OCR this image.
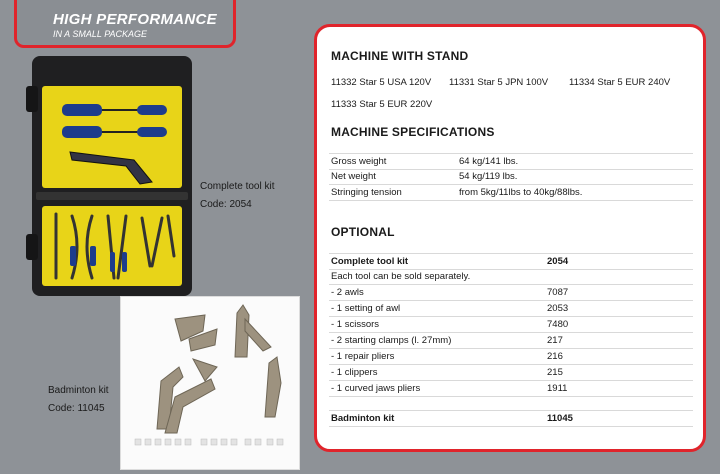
HIGH PERFORMANCE
IN A SMALL PACKAGE
Complete tool kit
Code: 2054
Badminton kit
Code: 11045
MACHINE WITH STAND
11332 Star 5 USA 120V 11331 Star 5 JPN 100V 11334 Star 5 EUR 240V
11333 Star 5 EUR 220V
MACHINE SPECIFICATIONS
Gross weight	64 kg/141 lbs.
Net weight	54 kg/119 lbs.
Stringing tension	from 5kg/11lbs to 40kg/88lbs.
OPTIONAL
Complete tool kit	2054
Each tool can be sold separately.
- 2 awls	7087
- 1 setting of awl	2053
- 1 scissors	7480
- 2 starting clamps (l. 27mm)	217
- 1 repair pliers	216
- 1 clippers	215
- 1 curved jaws pliers	1911
Badminton kit	11045
